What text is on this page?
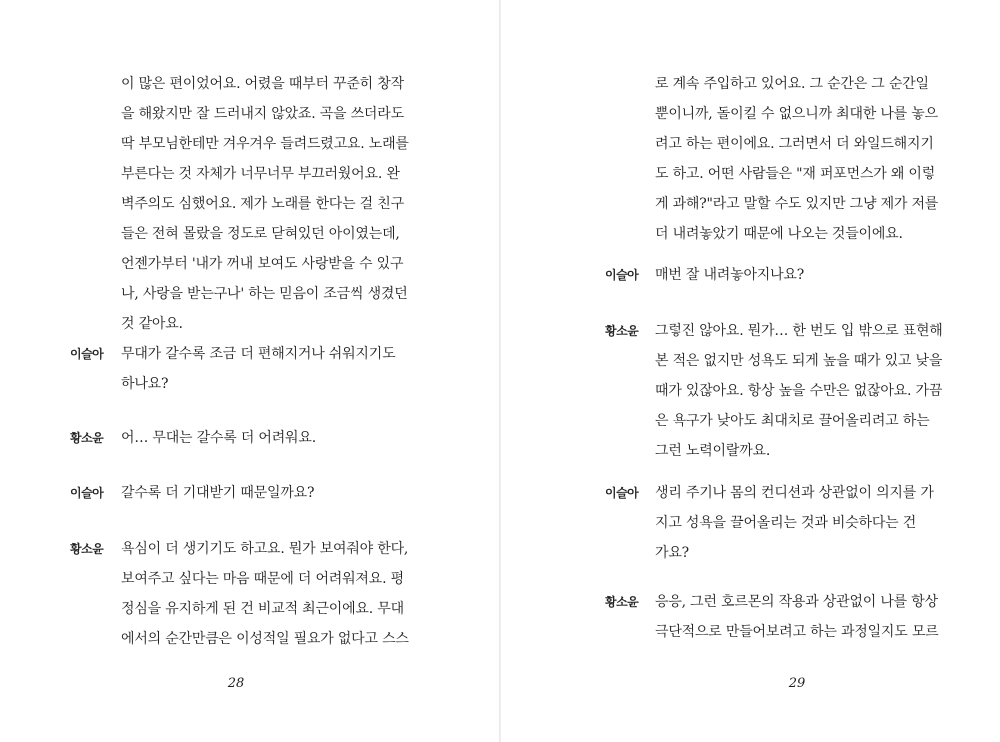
이 많은 편이었어요. 어렸을 때부터 꾸준히 창작
을 해왔지만 잘 드러내지 않았죠. 곡을 쓰더라도
딱 부모님한테만 겨우겨우 들려드렸고요. 노래를
부른다는 것 자체가 너무너무 부끄러웠어요. 완
벽주의도 심했어요. 제가 노래를 한다는 걸 친구
들은 전혀 몰랐을 정도로 닫혀있던 아이였는데,
언젠가부터 '내가 꺼내 보여도 사랑받을 수 있구
나, 사랑을 받는구나' 하는 믿음이 조금씩 생겼던
것 같아요.
이슬아 무대가 갈수록 조금 더 편해지거나 쉬워지기도
하나요?
황소윤 어… 무대는 갈수록 더 어려워요.
이슬아 갈수록 더 기대받기 때문일까요?
황소윤 욕심이 더 생기기도 하고요. 뭔가 보여줘야 한다,
보여주고 싶다는 마음 때문에 더 어려워져요. 평
정심을 유지하게 된 건 비교적 최근이에요. 무대
에서의 순간만큼은 이성적일 필요가 없다고 스스
28
로 계속 주입하고 있어요. 그 순간은 그 순간일
뿐이니까, 돌이킬 수 없으니까 최대한 나를 놓으
려고 하는 편이에요. 그러면서 더 와일드해지기
도 하고. 어떤 사람들은 "재 퍼포먼스가 왜 이렇
게 과해?"라고 말할 수도 있지만 그냥 제가 저를
더 내려놓았기 때문에 나오는 것들이에요.
이슬아 매번 잘 내려놓아지나요?
황소윤 그렇진 않아요. 뭔가… 한 번도 입 밖으로 표현해
본 적은 없지만 성욕도 되게 높을 때가 있고 낮을
때가 있잖아요. 항상 높을 수만은 없잖아요. 가끔
은 욕구가 낮아도 최대치로 끌어올리려고 하는
그런 노력이랄까요.
이슬아 생리 주기나 몸의 컨디션과 상관없이 의지를 가
지고 성욕을 끌어올리는 것과 비슷하다는 건
가요?
황소윤 응응, 그런 호르몬의 작용과 상관없이 나를 항상
극단적으로 만들어보려고 하는 과정일지도 모르
29
